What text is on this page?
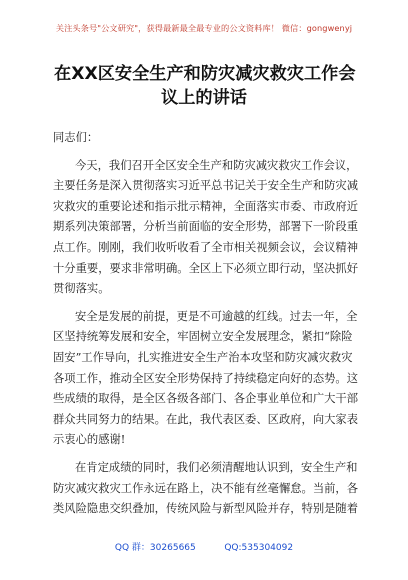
关注头条号"公文研究"，获得最新最全最专业的公文资料库！ 微信：gongwenyj
在XX区安全生产和防灾减灾救灾工作会
议上的讲话
同志们：
今天，我们召开全区安全生产和防灾减灾救灾工作会议，
主要任务是深入贯彻落实习近平总书记关于安全生产和防灾减
灾救灾的重要论述和指示批示精神，全面落实市委、市政府近
期系列决策部署，分析当前面临的安全形势，部署下一阶段重
点工作。刚刚，我们收听收看了全市相关视频会议，会议精神
十分重要，要求非常明确。全区上下必须立即行动，坚决抓好
贯彻落实。
安全是发展的前提，更是不可逾越的红线。过去一年，全
区坚持统筹发展和安全，牢固树立安全发展理念，紧扣“除险
固安”工作导向，扎实推进安全生产治本攻坚和防灾减灾救灾
各项工作，推动全区安全形势保持了持续稳定向好的态势。这
些成绩的取得，是全区各级各部门、各企事业单位和广大干部
群众共同努力的结果。在此，我代表区委、区政府，向大家表
示衷心的感谢!
在肯定成绩的同时，我们必须清醒地认识到，安全生产和
防灾减灾救灾工作永远在路上，决不能有丝毫懈怠。当前，各
类风险隐患交织叠加，传统风险与新型风险并存，特别是随着
QQ 群：30265665          QQ:535304092
